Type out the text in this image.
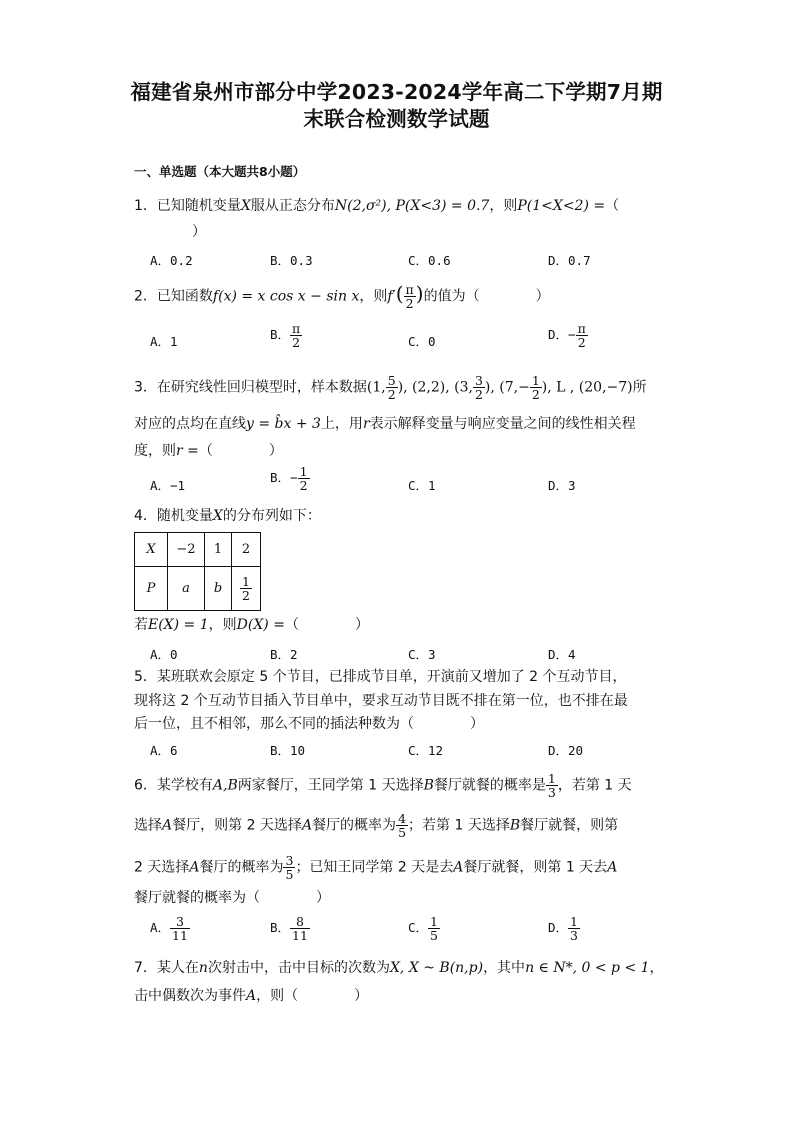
福建省泉州市部分中学2023-2024学年高二下学期7月期
末联合检测数学试题
一、单选题（本大题共8小题）
1．已知随机变量X服从正态分布N(2,σ²), P(X<3) = 0.7，则P(1<X<2) =（
）
A．0.2	B．0.3	C．0.6	D．0.7
2．已知函数f(x) = x cos x − sin x，则$f'( \frac{\pi}{2}$ )的值为（　　　　）
A．1	B． $\frac{\pi}{2}$	C．0	D．− $\frac{\pi}{2}$
3．在研究线性回归模型时，样本数据(1, $\frac{5}{2}$ ), (2,2), (3, $\frac{3}{2}$ ), ($7,- \frac{1}{2}$ ), L , (20,−7)所
对应的点均在直线y = b̂x + 3上，用r表示解释变量与响应变量之间的线性相关程
度，则r =（　　　　）
A．−1
B．− $\frac{1}{2}$	C．1	D．3
4．随机变量X的分布列如下：
X	−2	1	2
P	a	b	$\frac{1}{2}$
若E(X) = 1，则D(X) =（　　　　）
A．0	B．2	C．3	D．4
5．某班联欢会原定 5 个节目，已排成节目单，开演前又增加了 2 个互动节目，
现将这 2 个互动节目插入节目单中，要求互动节目既不排在第一位，也不排在最
后一位，且不相邻，那么不同的插法种数为（　　　　）
A．6	B．10	C．12	D．20
6．某学校有A,B两家餐厅，王同学第 1 天选择B餐厅就餐的概率是 $\frac{1}{3}$ ，若第 1 天
选择A餐厅，则第 2 天选择A餐厅的概率为 $\frac{4}{5}$ ；若第 1 天选择B餐厅就餐，则第
2 天选择A餐厅的概率为 $\frac{3}{5}$ ；已知王同学第 2 天是去A餐厅就餐，则第 1 天去A
餐厅就餐的概率为（　　　　）
A． $\frac{3}{11}$	B． $\frac{8}{11}$	C． $\frac{1}{5}$	D． $\frac{1}{3}$
7．某人在n次射击中，击中目标的次数为X, X ~ B(n,p)，其中n ∈ N*, 0 < p < 1，
击中偶数次为事件A，则（　　　　）
